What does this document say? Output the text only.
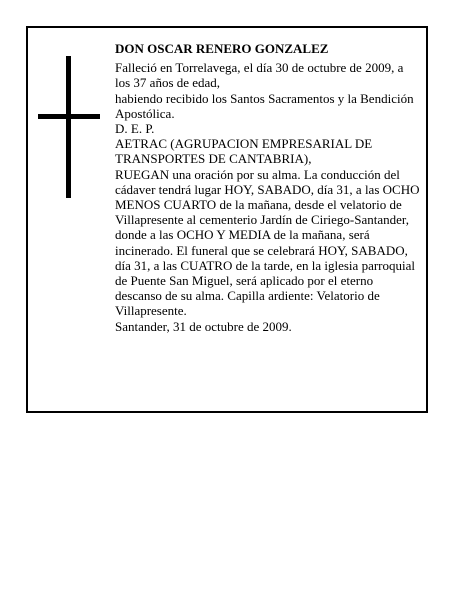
DON OSCAR RENERO GONZALEZ

Falleció en Torrelavega, el día 30 de octubre de 2009, a los 37 años de edad,

habiendo recibido los Santos Sacramentos y la Bendición Apostólica.

D. E. P.

AETRAC (AGRUPACION EMPRESARIAL DE TRANSPORTES DE CANTABRIA),

RUEGAN una oración por su alma. La conducción del cádaver tendrá lugar HOY, SABADO, día 31, a las OCHO MENOS CUARTO de la mañana, desde el velatorio de Villapresente al cementerio Jardín de Ciriego-Santander, donde a las OCHO Y MEDIA de la mañana, será incinerado. El funeral que se celebrará HOY, SABADO, día 31, a las CUATRO de la tarde, en la iglesia parroquial de Puente San Miguel, será aplicado por el eterno descanso de su alma. Capilla ardiente: Velatorio de Villapresente.

Santander, 31 de octubre de 2009.
